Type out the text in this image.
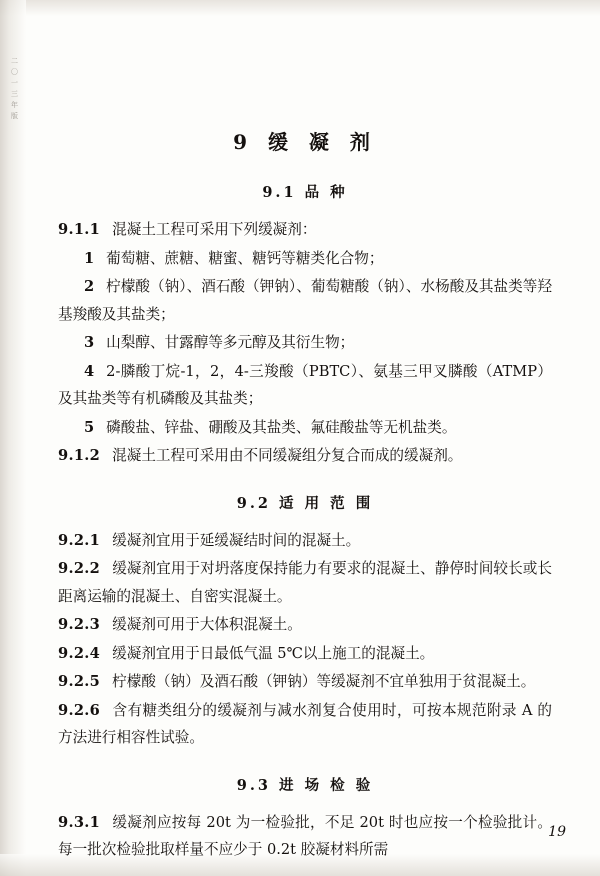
二 〇 一 三 年 版
9 缓 凝 剂
9.1 品 种

9.1.1 混凝土工程可采用下列缓凝剂：

1 葡萄糖、蔗糖、糖蜜、糖钙等糖类化合物；

2 柠檬酸（钠）、酒石酸（钾钠）、葡萄糖酸（钠）、水杨酸及其盐类等羟基羧酸及其盐类；

3 山梨醇、甘露醇等多元醇及其衍生物；

4 2-膦酸丁烷-1，2，4-三羧酸（PBTC）、氨基三甲叉膦酸（ATMP）及其盐类等有机磷酸及其盐类；

5 磷酸盐、锌盐、硼酸及其盐类、氟硅酸盐等无机盐类。

9.1.2 混凝土工程可采用由不同缓凝组分复合而成的缓凝剂。

9.2 适 用 范 围

9.2.1 缓凝剂宜用于延缓凝结时间的混凝土。

9.2.2 缓凝剂宜用于对坍落度保持能力有要求的混凝土、静停时间较长或长距离运输的混凝土、自密实混凝土。

9.2.3 缓凝剂可用于大体积混凝土。

9.2.4 缓凝剂宜用于日最低气温 5℃以上施工的混凝土。

9.2.5 柠檬酸（钠）及酒石酸（钾钠）等缓凝剂不宜单独用于贫混凝土。

9.2.6 含有糖类组分的缓凝剂与减水剂复合使用时，可按本规范附录 A 的方法进行相容性试验。

9.3 进 场 检 验

9.3.1 缓凝剂应按每 20t 为一检验批，不足 20t 时也应按一个检验批计。每一批次检验批取样量不应少于 0.2t 胶凝材料所需

19
